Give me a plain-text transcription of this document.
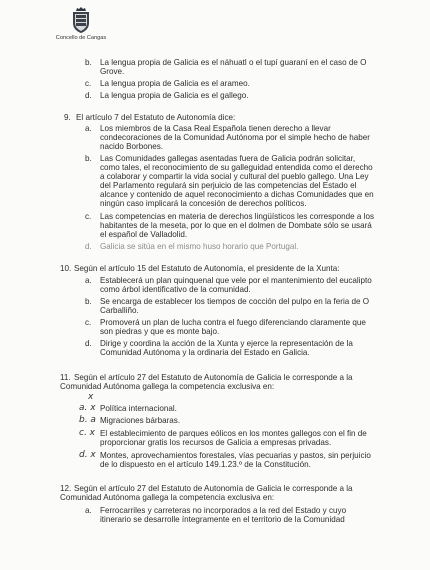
Concello de Cangas
b. La lengua propia de Galicia es el náhuatl o el tupí guaraní en el caso de O
Grove.
c. La lengua propia de Galicia es el arameo.
d. La lengua propia de Galicia es el gallego.
9. El artículo 7 del Estatuto de Autonomía dice:
a. Los miembros de la Casa Real Española tienen derecho a llevar
condecoraciones de la Comunidad Autónoma por el simple hecho de haber
nacido Borbones.
b. Las Comunidades gallegas asentadas fuera de Galicia podrán solicitar,
como tales, el reconocimiento de su galleguidad entendida como el derecho
a colaborar y compartir la vida social y cultural del pueblo gallego. Una Ley
del Parlamento regulará sin perjuicio de las competencias del Estado el
alcance y contenido de aquel reconocimiento a dichas Comunidades que en
ningún caso implicará la concesión de derechos políticos.
c. Las competencias en materia de derechos lingüísticos les corresponde a los
habitantes de la meseta, por lo que en el dolmen de Dombate sólo se usará
el español de Valladolid.
d. Galicia se sitúa en el mismo huso horario que Portugal.
10. Según el artículo 15 del Estatuto de Autonomía, el presidente de la Xunta:
a. Establecerá un plan quinquenal que vele por el mantenimiento del eucalipto
como árbol identificativo de la comunidad.
b. Se encarga de establecer los tiempos de cocción del pulpo en la feria de O
Carballiño.
c. Promoverá un plan de lucha contra el fuego diferenciando claramente que
son piedras y que es monte bajo.
d. Dirige y coordina la acción de la Xunta y ejerce la representación de la
Comunidad Autónoma y la ordinaria del Estado en Galicia.
11. Según el artículo 27 del Estatuto de Autonomía de Galicia le corresponde a la
Comunidad Autónoma gallega la competencia exclusiva en:
x
a. x Política internacional.
b. a Migraciones bárbaras.
c. x El establecimiento de parques eólicos en los montes gallegos con el fin de
proporcionar gratis los recursos de Galicia a empresas privadas.
d. x Montes, aprovechamientos forestales, vías pecuarias y pastos, sin perjuicio
de lo dispuesto en el artículo 149.1.23.º de la Constitución.
12. Según el artículo 27 del Estatuto de Autonomía de Galicia le corresponde a la
Comunidad Autónoma gallega la competencia exclusiva en:
a. Ferrocarriles y carreteras no incorporados a la red del Estado y cuyo
itinerario se desarrolle íntegramente en el territorio de la Comunidad
